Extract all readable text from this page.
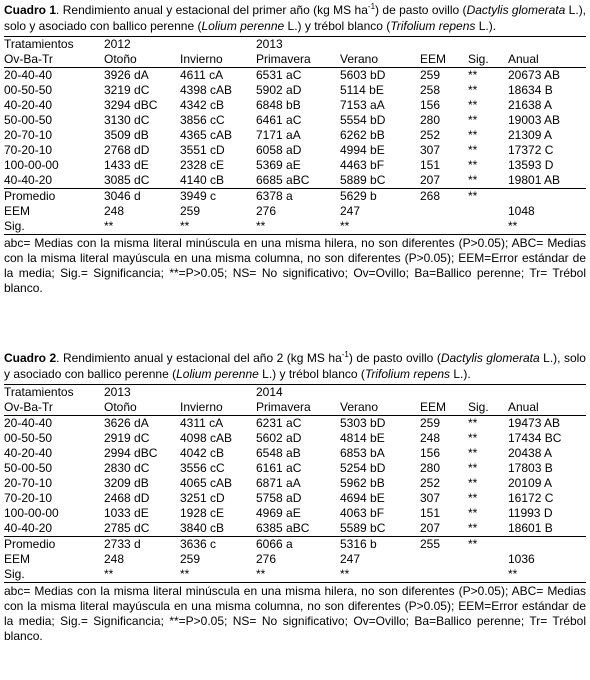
Cuadro 1. Rendimiento anual y estacional del primer año (kg MS $ha^{-1}$) de pasto ovillo (Dactylis glomerata L.), solo y asociado con ballico perenne (Lolium perenne L.) y trébol blanco (Trifolium repens L.).
Tratamientos	2012		2013				
Ov-Ba-Tr	Otoño	Invierno	Primavera	Verano	EEM	Sig.	Anual
20-40-40	3926 dA	4611 cA	6531 aC	5603 bD	259	**	20673 AB
00-50-50	3219 dC	4398 cAB	5902 aD	5114 bE	258	**	18634 B
40-20-40	3294 dBC	4342 cB	6848 bB	7153 aA	156	**	21638 A
50-00-50	3130 dC	3856 cC	6461 aC	5554 bD	280	**	19003 AB
20-70-10	3509 dB	4365 cAB	7171 aA	6262 bB	252	**	21309 A
70-20-10	2768 dD	3551 cD	6058 aD	4994 bE	307	**	17372 C
100-00-00	1433 dE	2328 cE	5369 aE	4463 bF	151	**	13593 D
40-40-20	3085 dC	4140 cB	6685 aBC	5889 bC	207	**	19801 AB
Promedio	3046 d	3949 c	6378 a	5629 b	268	**	
EEM	248	259	276	247			1048
Sig.	**	**	**	**			**
abc= Medias con la misma literal minúscula en una misma hilera, no son diferentes (P>0.05); ABC= Medias con la misma literal mayúscula en una misma columna, no son diferentes (P>0.05); EEM=Error estándar de la media; Sig.= Significancia; **=P>0.05; NS= No significativo; Ov=Ovillo; Ba=Ballico perenne; Tr= Trébol blanco.
Cuadro 2. Rendimiento anual y estacional del año 2 (kg MS $ha^{-1}$) de pasto ovillo (Dactylis glomerata L.), solo y asociado con ballico perenne (Lolium perenne L.) y trébol blanco (Trifolium repens L.).
Tratamientos	2013		2014				
Ov-Ba-Tr	Otoño	Invierno	Primavera	Verano	EEM	Sig.	Anual
20-40-40	3626 dA	4311 cA	6231 aC	5303 bD	259	**	19473 AB
00-50-50	2919 dC	4098 cAB	5602 aD	4814 bE	248	**	17434 BC
40-20-40	2994 dBC	4042 cB	6548 aB	6853 bA	156	**	20438 A
50-00-50	2830 dC	3556 cC	6161 aC	5254 bD	280	**	17803 B
20-70-10	3209 dB	4065 cAB	6871 aA	5962 bB	252	**	20109 A
70-20-10	2468 dD	3251 cD	5758 aD	4694 bE	307	**	16172 C
100-00-00	1033 dE	1928 cE	4969 aE	4063 bF	151	**	11993 D
40-40-20	2785 dC	3840 cB	6385 aBC	5589 bC	207	**	18601 B
Promedio	2733 d	3636 c	6066 a	5316 b	255	**	
EEM	248	259	276	247			1036
Sig.	**	**	**	**			**
abc= Medias con la misma literal minúscula en una misma hilera, no son diferentes (P>0.05); ABC= Medias con la misma literal mayúscula en una misma columna, no son diferentes (P>0.05); EEM=Error estándar de la media; Sig.= Significancia; **=P>0.05; NS= No significativo; Ov=Ovillo; Ba=Ballico perenne; Tr= Trébol blanco.
